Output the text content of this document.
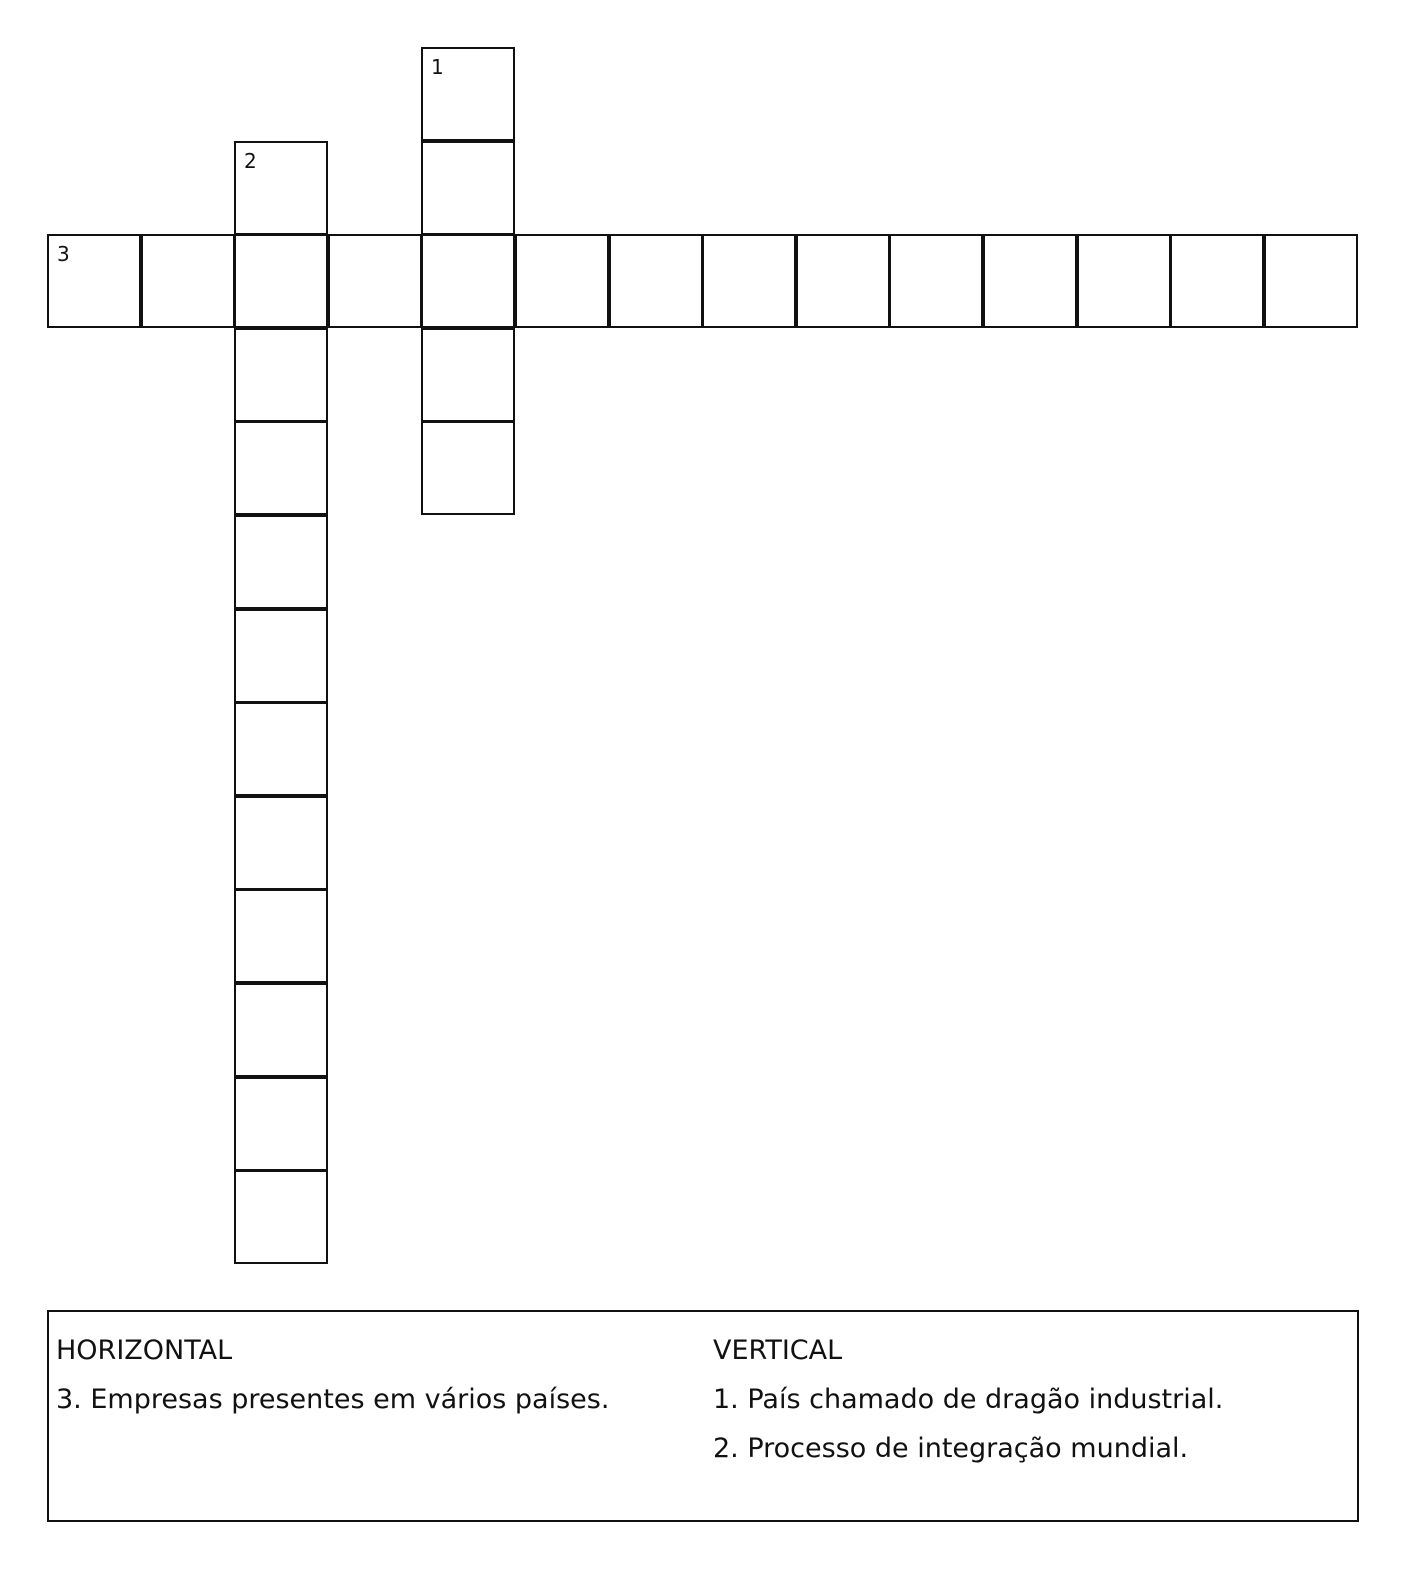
3
1
2
HORIZONTAL
3. Empresas presentes em vários países.
VERTICAL
1. País chamado de dragão industrial.
2. Processo de integração mundial.
